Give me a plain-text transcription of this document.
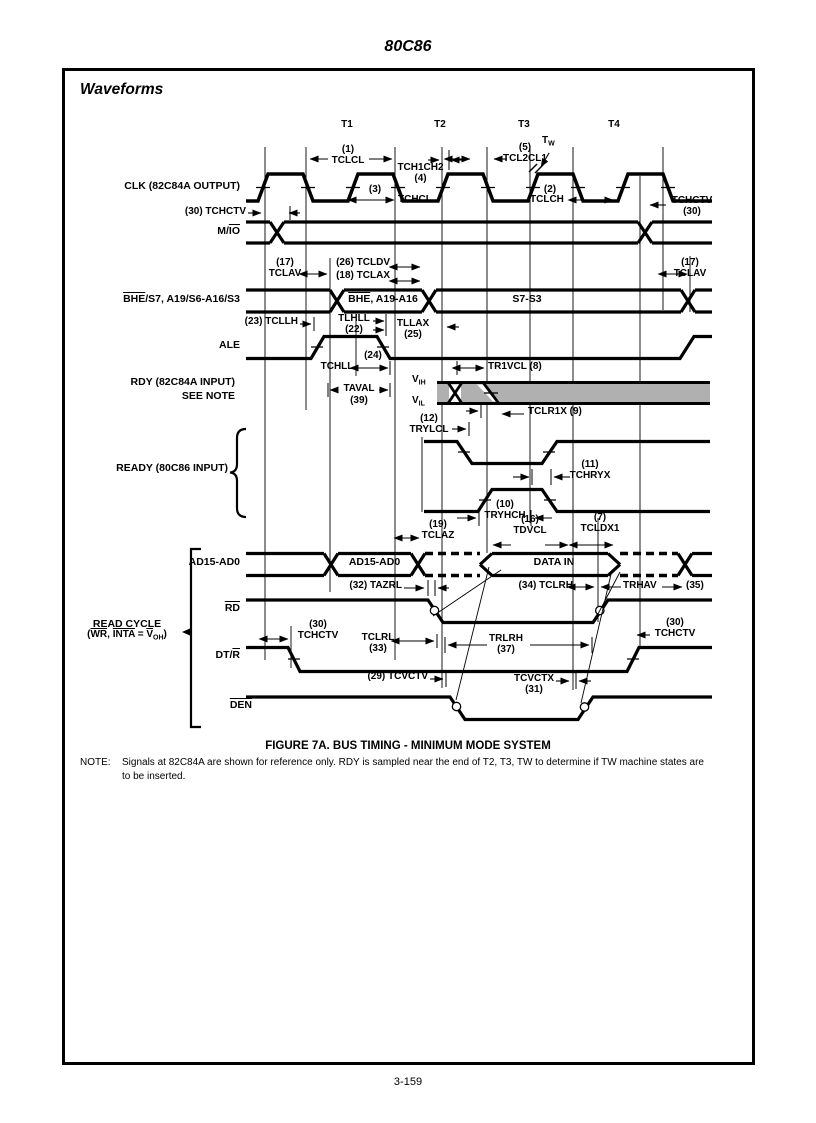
80C86
Waveforms
T1	T2	T3	T4
$T_W$
(1)
TCLCL
TCH1CH2
(4)
(5)
TCL2CL1
(3)
TCHCL
(2)
TCLCH	TCHCTV
(30)
CLK (82C84A OUTPUT)
(30) TCHCTV
$M/\overline{IO}$
$\overline{BHE}/S7$, A19/S6-A16/S3
ALE
RDY (82C84A INPUT)
SEE NOTE
READY (80C86 INPUT)
AD15-AD0
$\overline{RD}$
READ CYCLE
($\overline{WR}$, INTA = $\overline{V}_{OH}$)
$DT/\overline{R}$
$\overline{DEN}$
$\overline{BHE}$, A19-A16	S7-S3
AD15-AD0	DATA IN
(17)
TCLAV
(26) TCLDV
(18) TCLAX
(17)
TCLAV
(23) TCLLH	TLHLL
(22)	TLLAX
(25)
TCHLL
(24)
TAVAL
(39)
$V_{IH}$
$V_{IL}$
TR1VCL (8)
TCLR1X (9)
(12)
TRYLCL
(11)
TCHRYX
(10)
TRYHCH
(19)
TCLAZ
(16)
TDVCL
(7)
TCLDX1
(32) TAZRL	(34) TCLRH	TRHAV	(35)
(30)
TCHCTV	TCLRL
(33)
TRLRH
(37)
(30)
TCHCTV
(29) TCVCTV	TCVCTX
(31)
FIGURE 7A. BUS TIMING - MINIMUM MODE SYSTEM
NOTE: Signals at 82C84A are shown for reference only. RDY is sampled near the end of T2, T3, TW to determine if TW machine states are
to be inserted.
3-159
